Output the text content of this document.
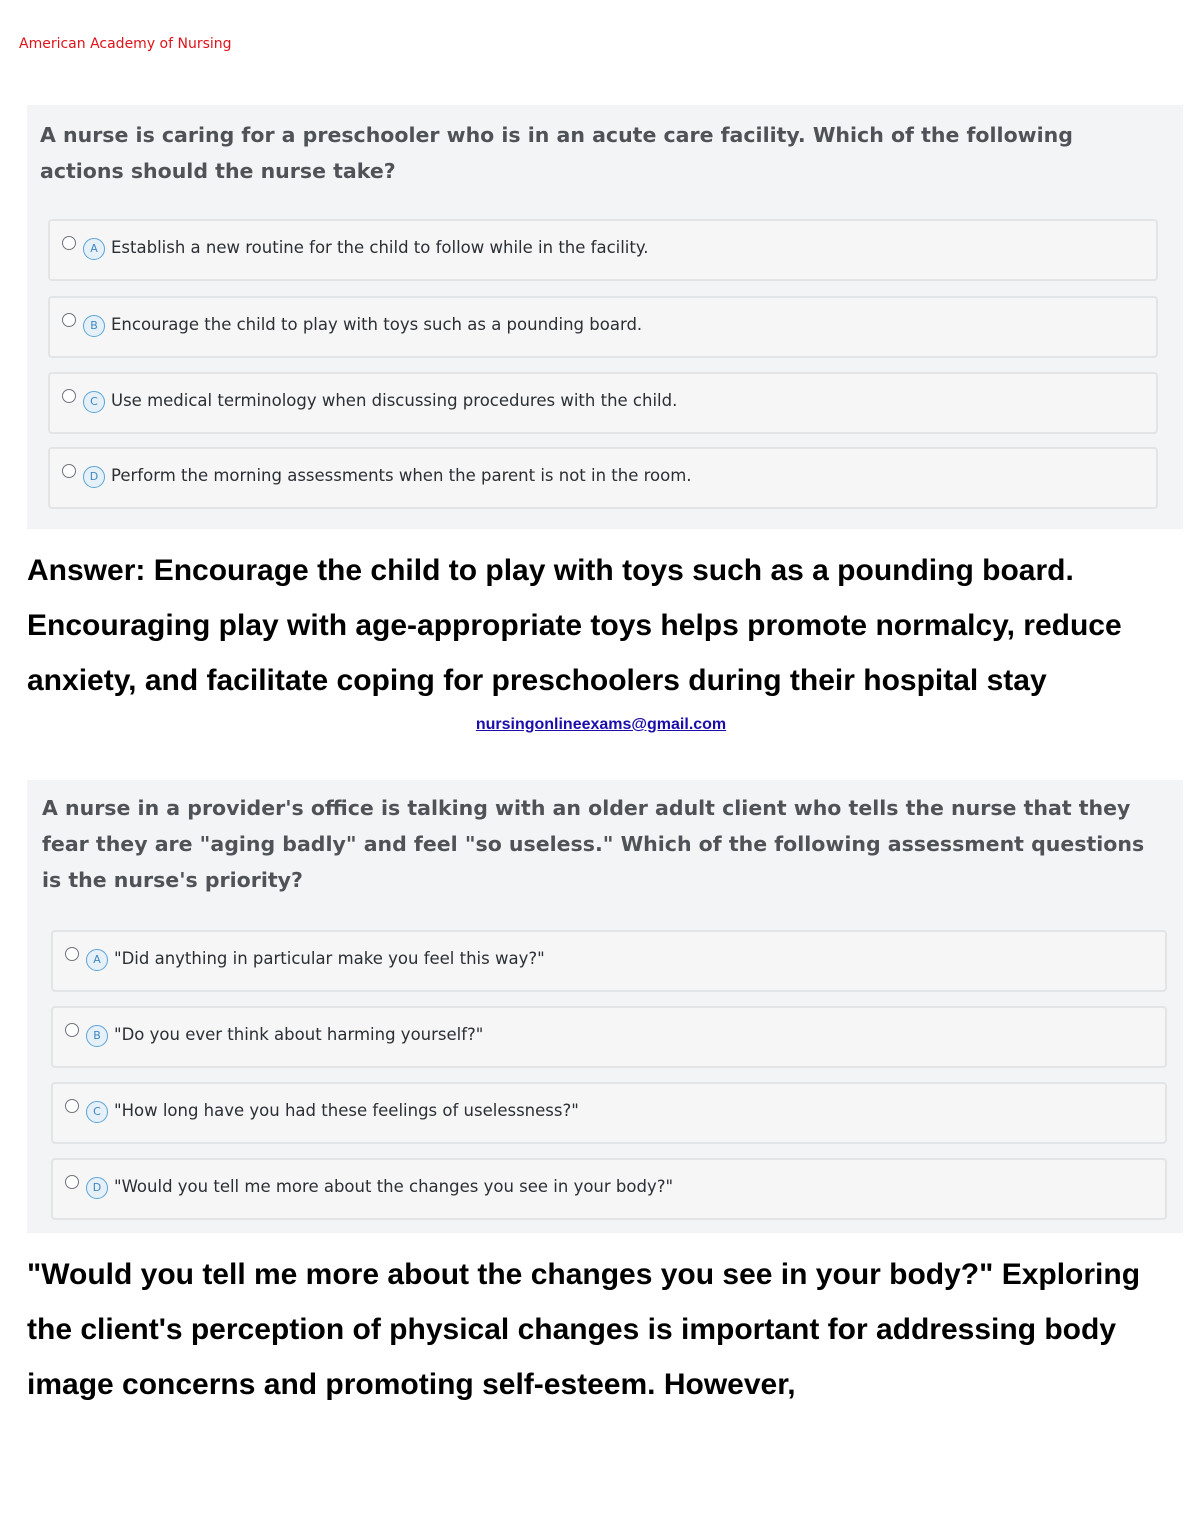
American Academy of Nursing
A nurse is caring for a preschooler who is in an acute care facility. Which of the following actions should the nurse take?
A Establish a new routine for the child to follow while in the facility.
B Encourage the child to play with toys such as a pounding board.
C Use medical terminology when discussing procedures with the child.
D Perform the morning assessments when the parent is not in the room.
Answer: Encourage the child to play with toys such as a pounding board. Encouraging play with age-appropriate toys helps promote normalcy, reduce anxiety, and facilitate coping for preschoolers during their hospital stay
nursingonlineexams@gmail.com
A nurse in a provider's office is talking with an older adult client who tells the nurse that they fear they are "aging badly" and feel "so useless." Which of the following assessment questions is the nurse's priority?
A "Did anything in particular make you feel this way?"
B "Do you ever think about harming yourself?"
C "How long have you had these feelings of uselessness?"
D "Would you tell me more about the changes you see in your body?"
"Would you tell me more about the changes you see in your body?" Exploring the client's perception of physical changes is important for addressing body image concerns and promoting self-esteem. However,
